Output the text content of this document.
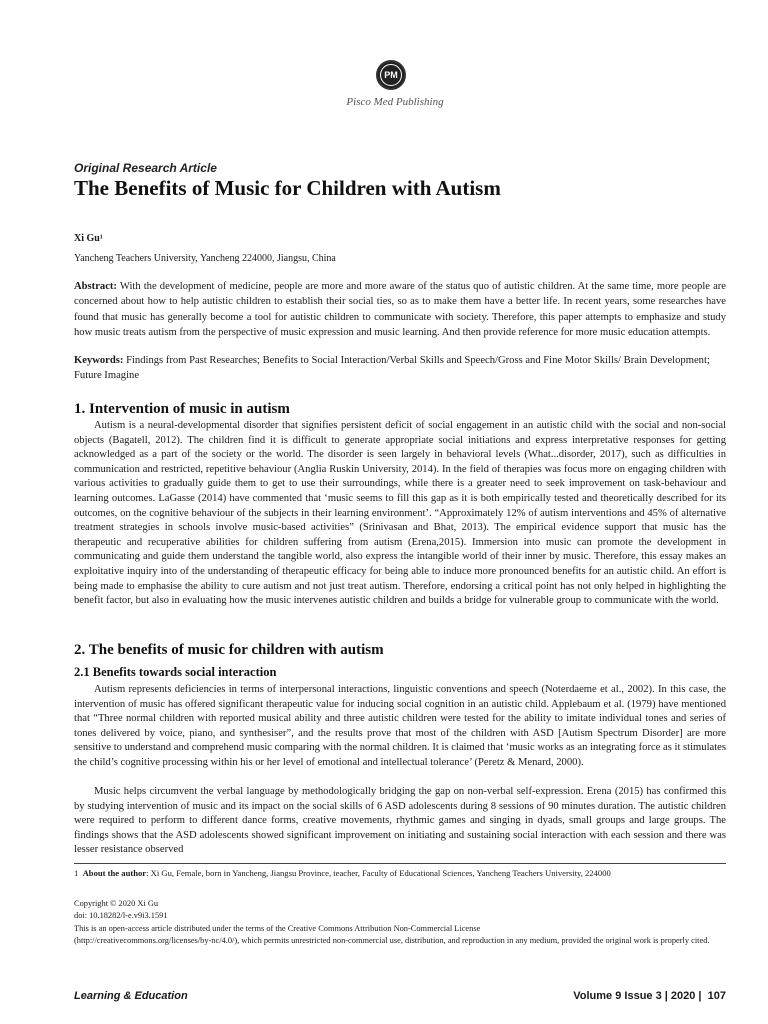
PM
Pisco Med Publishing
Original Research Article
The Benefits of Music for Children with Autism
Xi Gu¹
Yancheng Teachers University, Yancheng 224000, Jiangsu, China
Abstract: With the development of medicine, people are more and more aware of the status quo of autistic children. At the same time, more people are concerned about how to help autistic children to establish their social ties, so as to make them have a better life. In recent years, some researches have found that music has generally become a tool for autistic children to communicate with society. Therefore, this paper attempts to emphasize and study how music treats autism from the perspective of music expression and music learning. And then provide reference for more music education attempts.
Keywords: Findings from Past Researches; Benefits to Social Interaction/Verbal Skills and Speech/Gross and Fine Motor Skills/ Brain Development; Future Imagine
1. Intervention of music in autism
Autism is a neural-developmental disorder that signifies persistent deficit of social engagement in an autistic child with the social and non-social objects (Bagatell, 2012). The children find it is difficult to generate appropriate social initiations and express interpretative responses for getting acknowledged as a part of the society or the world. The disorder is seen largely in behavioral levels (What...disorder, 2017), such as difficulties in communication and restricted, repetitive behaviour (Anglia Ruskin University, 2014). In the field of therapies was focus more on engaging children with various activities to gradually guide them to get to use their surroundings, while there is a greater need to seek improvement on task-behaviour and learning outcomes. LaGasse (2014) have commented that ‘music seems to fill this gap as it is both empirically tested and theoretically described for its outcomes, on the cognitive behaviour of the subjects in their learning environment’. “Approximately 12% of autism interventions and 45% of alternative treatment strategies in schools involve music-based activities” (Srinivasan and Bhat, 2013). The empirical evidence support that music has the therapeutic and recuperative abilities for children suffering from autism (Erena,2015). Immersion into music can promote the development in communicating and guide them understand the tangible world, also express the intangible world of their inner by music. Therefore, this essay makes an exploitative inquiry into of the understanding of therapeutic efficacy for being able to induce more pronounced benefits for an autistic child. An effort is being made to emphasise the ability to cure autism and not just treat autism. Therefore, endorsing a critical point has not only helped in highlighting the benefit factor, but also in evaluating how the music intervenes autistic children and builds a bridge for vulnerable group to communicate with the world.
2. The benefits of music for children with autism
2.1 Benefits towards social interaction
Autism represents deficiencies in terms of interpersonal interactions, linguistic conventions and speech (Noterdaeme et al., 2002). In this case, the intervention of music has offered significant therapeutic value for inducing social cognition in an autistic child. Applebaum et al. (1979) have mentioned that “Three normal children with reported musical ability and three autistic children were tested for the ability to imitate individual tones and series of tones delivered by voice, piano, and synthesiser”, and the results prove that most of the children with ASD [Autism Spectrum Disorder] are more sensitive to understand and comprehend music comparing with the normal children. It is claimed that ‘music works as an integrating force as it stimulates the child’s cognitive processing within his or her level of emotional and intellectual tolerance’ (Peretz & Menard, 2000).
Music helps circumvent the verbal language by methodologically bridging the gap on non-verbal self-expression. Erena (2015) has confirmed this by studying intervention of music and its impact on the social skills of 6 ASD adolescents during 8 sessions of 90 minutes duration. The autistic children were required to perform to different dance forms, creative movements, rhythmic games and singing in dyads, small groups and large groups. The findings shows that the ASD adolescents showed significant improvement on initiating and sustaining social interaction with each session and there was lesser resistance observed
1 About the author: Xi Gu, Female, born in Yancheng, Jiangsu Province, teacher, Faculty of Educational Sciences, Yancheng Teachers University, 224000
Copyright © 2020 Xi Gu
doi: 10.18282/l-e.v9i3.1591
This is an open-access article distributed under the terms of the Creative Commons Attribution Non-Commercial License
(http://creativecommons.org/licenses/by-nc/4.0/), which permits unrestricted non-commercial use, distribution, and reproduction in any medium, provided the original work is properly cited.
Learning & Education	Volume 9 Issue 3 | 2020 | 107
